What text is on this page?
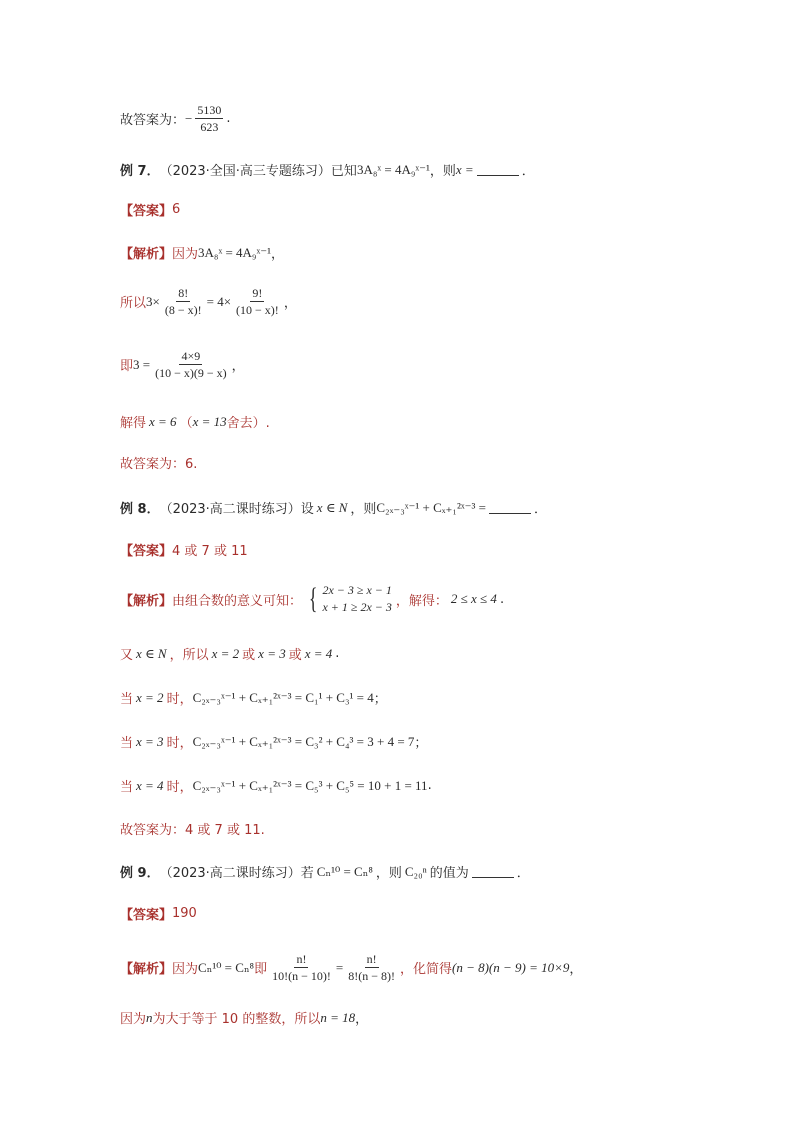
故答案为： − $\frac{5130}{623}$ .
例 7． （2023·全国·高三专题练习）已知 3A₈ˣ = 4A₉ˣ⁻¹ ，则 x =	．
【答案】 6
【解析】 因为 3A₈ˣ = 4A₉ˣ⁻¹ ，
所以 $3\times \frac{8!}{(8 - x)!} = 4\times \frac{9!}{(10 - x)!}$ ，
即 $3 = \frac{4\times 9}{(10 - x)(9 - x)}$ ，
解得 x = 6 （ x = 13 舍去）.
故答案为：6.
例 8． （2023·高二课时练习）设 x ∈ N ，则 C₂ₓ₋₃ˣ⁻¹ + Cₓ₊₁²ˣ⁻³ =	．
【答案】 4 或 7 或 11
【解析】 由组合数的意义可知： { 2x − 3 ≥ x − 1
x + 1 ≥ 2x − 3 ，解得： 2 ≤ x ≤ 4 .
又 x ∈ N ，所以 x = 2 或 x = 3 或 x = 4 .
当 x = 2 时， C₂ₓ₋₃ˣ⁻¹ + Cₓ₊₁²ˣ⁻³ = C₁¹ + C₃¹ = 4 ；
当 x = 3 时， C₂ₓ₋₃ˣ⁻¹ + Cₓ₊₁²ˣ⁻³ = C₃² + C₄³ = 3 + 4 = 7 ；
当 x = 4 时， C₂ₓ₋₃ˣ⁻¹ + Cₓ₊₁²ˣ⁻³ = C₅³ + C₅⁵ = 10 + 1 = 11 .
故答案为：4 或 7 或 11.
例 9． （2023·高二课时练习）若 Cₙ¹⁰ = Cₙ⁸ ，则 C₂₀ⁿ 的值为	．
【答案】 190
【解析】 因为 Cₙ¹⁰ = Cₙ⁸ 即 $\frac{n!}{10!(n - 10)!} = \frac{n!}{8!(n - 8)!}$ ，化简得 (n − 8)(n − 9) = 10×9 ，
因为 n 为大于等于 10 的整数，所以 n = 18 ，
